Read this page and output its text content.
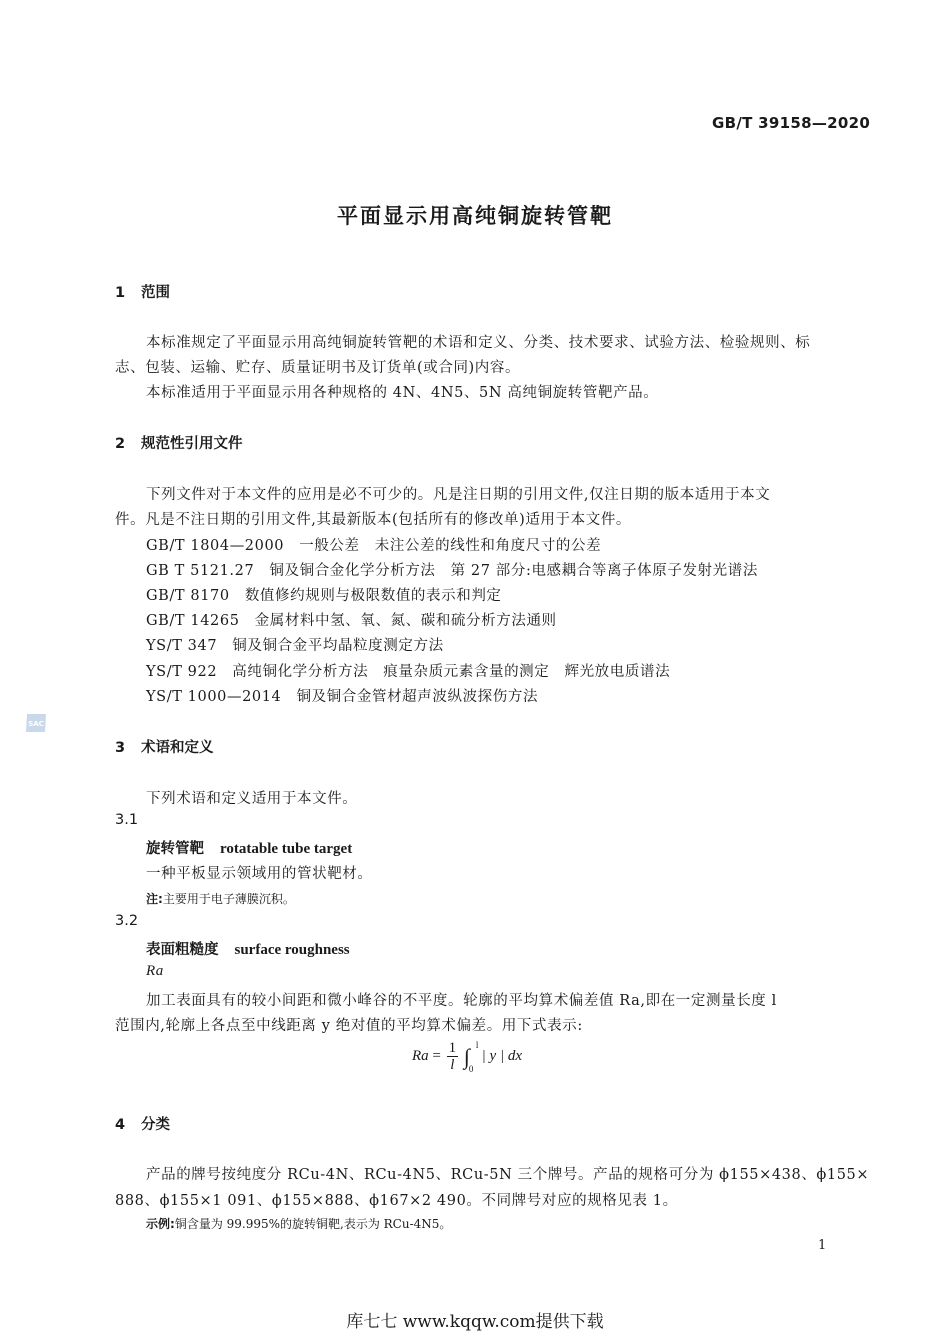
GB/T 39158—2020
平面显示用高纯铜旋转管靶
1 范围
本标准规定了平面显示用高纯铜旋转管靶的术语和定义、分类、技术要求、试验方法、检验规则、标
志、包装、运输、贮存、质量证明书及订货单(或合同)内容。
本标准适用于平面显示用各种规格的 4N、4N5、5N 高纯铜旋转管靶产品。
2 规范性引用文件
下列文件对于本文件的应用是必不可少的。凡是注日期的引用文件,仅注日期的版本适用于本文
件。凡是不注日期的引用文件,其最新版本(包括所有的修改单)适用于本文件。
GB/T 1804—2000　 一般公差　未注公差的线性和角度尺寸的公差
GB T 5121.27　 铜及铜合金化学分析方法　第 27 部分:电感耦合等离子体原子发射光谱法
GB/T 8170　 数值修约规则与极限数值的表示和判定
GB/T 14265　 金属材料中氢、氧、氮、碳和硫分析方法通则
YS/T 347　 铜及铜合金平均晶粒度测定方法
YS/T 922　 高纯铜化学分析方法　痕量杂质元素含量的测定　辉光放电质谱法
YS/T 1000—2014　 铜及铜合金管材超声波纵波探伤方法
SAC
3 术语和定义
下列术语和定义适用于本文件。
3.1
旋转管靶 rotatable tube target
一种平板显示领域用的管状靶材。
注:主要用于电子薄膜沉积。
3.2
表面粗糙度 surface roughness
Ra
加工表面具有的较小间距和微小峰谷的不平度。轮廓的平均算术偏差值 Ra,即在一定测量长度 l
范围内,轮廓上各点至中线距离 y 绝对值的平均算术偏差。用下式表示:
$Ra = \frac{1}{l}$ ∫ l
0
| y | dx
4 分类
产品的牌号按纯度分 RCu-4N、RCu-4N5、RCu-5N 三个牌号。产品的规格可分为 ϕ155×438、ϕ155×
888、ϕ155×1 091、ϕ155×888、ϕ167×2 490。不同牌号对应的规格见表 1。
示例:铜含量为 99.995%的旋转铜靶,表示为 RCu-4N5。
1
库七七 www.kqqw.com提供下载
